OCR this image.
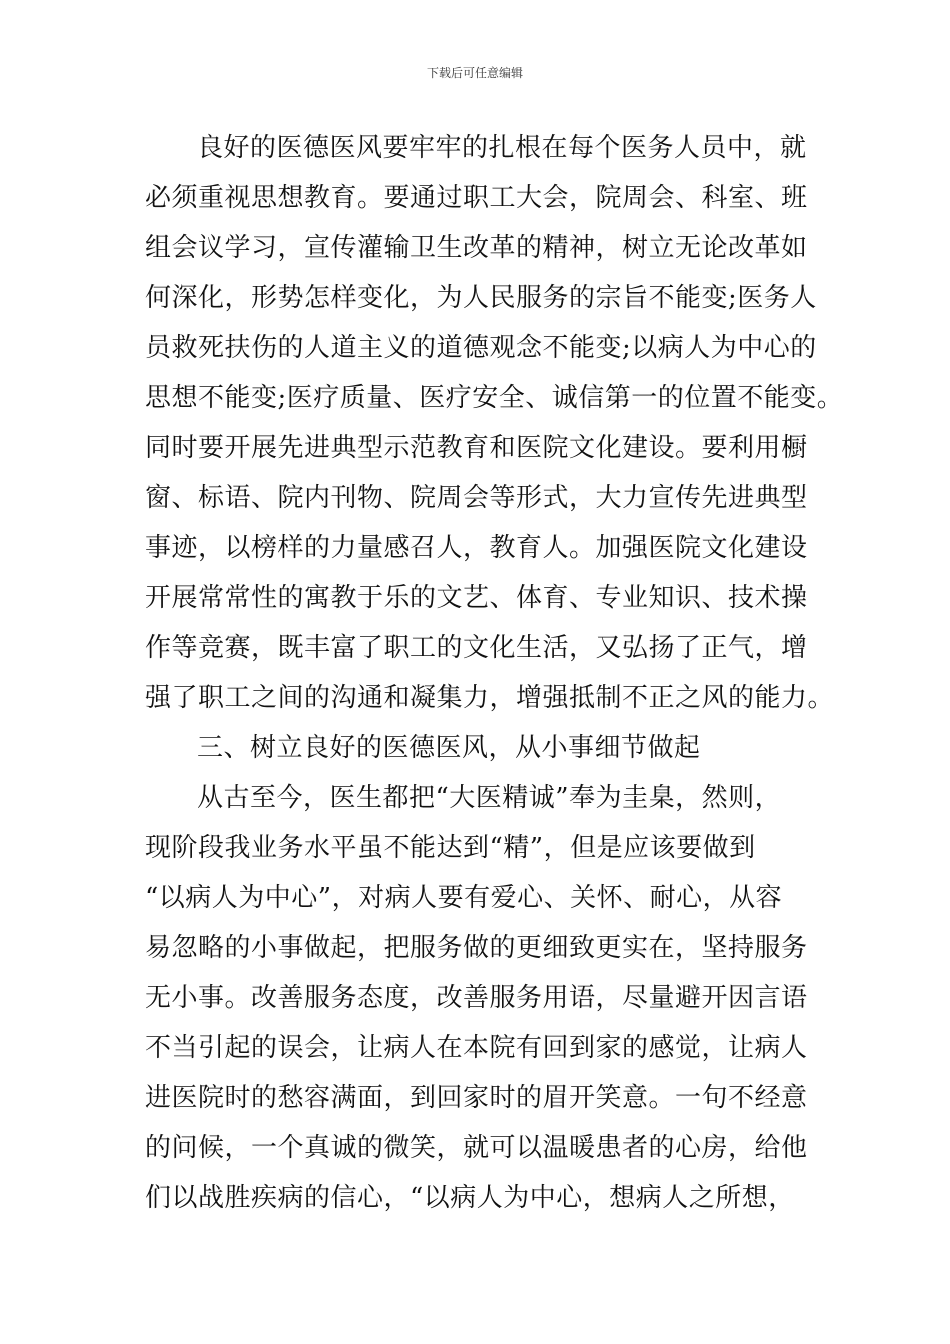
下载后可任意编辑
良好的医德医风要牢牢的扎根在每个医务人员中，就
必须重视思想教育。要通过职工大会，院周会、科室、班
组会议学习，宣传灌输卫生改革的精神，树立无论改革如
何深化，形势怎样变化，为人民服务的宗旨不能变;医务人
员救死扶伤的人道主义的道德观念不能变;以病人为中心的
思想不能变;医疗质量、医疗安全、诚信第一的位置不能变。
同时要开展先进典型示范教育和医院文化建设。要利用橱
窗、标语、院内刊物、院周会等形式，大力宣传先进典型
事迹，以榜样的力量感召人，教育人。加强医院文化建设
开展常常性的寓教于乐的文艺、体育、专业知识、技术操
作等竞赛，既丰富了职工的文化生活，又弘扬了正气，增
强了职工之间的沟通和凝集力，增强抵制不正之风的能力。
三、树立良好的医德医风，从小事细节做起
从古至今，医生都把“大医精诚”奉为圭臬，然则，
现阶段我业务水平虽不能达到“精”，但是应该要做到
“以病人为中心”，对病人要有爱心、关怀、耐心，从容
易忽略的小事做起，把服务做的更细致更实在，坚持服务
无小事。改善服务态度，改善服务用语，尽量避开因言语
不当引起的误会，让病人在本院有回到家的感觉，让病人
进医院时的愁容满面，到回家时的眉开笑意。一句不经意
的问候，一个真诚的微笑，就可以温暖患者的心房，给他
们以战胜疾病的信心，“以病人为中心，想病人之所想，
